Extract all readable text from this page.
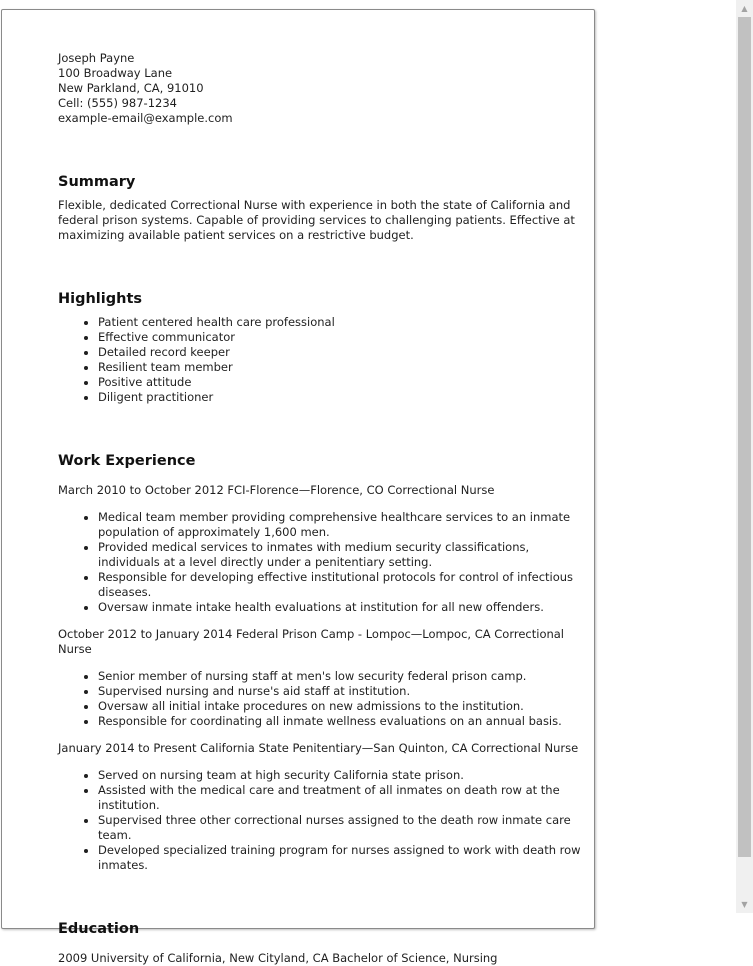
Joseph Payne
100 Broadway Lane
New Parkland, CA, 91010
Cell: (555) 987-1234
example-email@example.com
Summary

Flexible, dedicated Correctional Nurse with experience in both the state of California and federal prison systems. Capable of providing services to challenging patients. Effective at maximizing available patient services on a restrictive budget.

Highlights
Patient centered health care professional
Effective communicator
Detailed record keeper
Resilient team member
Positive attitude
Diligent practitioner
Work Experience
March 2010 to October 2012 FCI-Florence—Florence, CO Correctional Nurse
Medical team member providing comprehensive healthcare services to an inmate population of approximately 1,600 men.
Provided medical services to inmates with medium security classifications, individuals at a level directly under a penitentiary setting.
Responsible for developing effective institutional protocols for control of infectious diseases.
Oversaw inmate intake health evaluations at institution for all new offenders.
October 2012 to January 2014 Federal Prison Camp - Lompoc—Lompoc, CA Correctional Nurse
Senior member of nursing staff at men's low security federal prison camp.
Supervised nursing and nurse's aid staff at institution.
Oversaw all initial intake procedures on new admissions to the institution.
Responsible for coordinating all inmate wellness evaluations on an annual basis.
January 2014 to Present California State Penitentiary—San Quinton, CA Correctional Nurse
Served on nursing team at high security California state prison.
Assisted with the medical care and treatment of all inmates on death row at the institution.
Supervised three other correctional nurses assigned to the death row inmate care team.
Developed specialized training program for nurses assigned to work with death row inmates.
Education
2009 University of California, New Cityland, CA Bachelor of Science, Nursing
▲
▼
